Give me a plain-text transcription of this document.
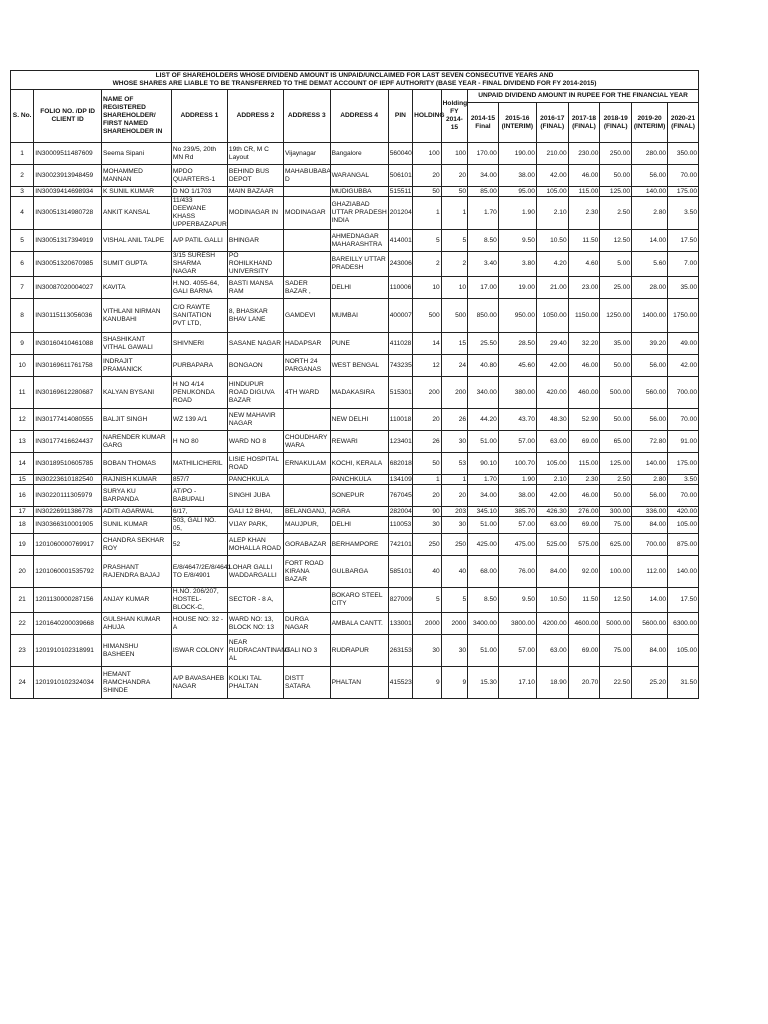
LIST OF SHAREHOLDERS WHOSE DIVIDEND AMOUNT IS UNPAID/UNCLAIMED FOR LAST SEVEN CONSECUTIVE YEARS AND
WHOSE SHARES ARE LIABLE TO BE TRANSFERRED TO THE DEMAT ACCOUNT OF IEPF AUTHORITY (BASE YEAR - FINAL DIVIDEND FOR FY 2014-2015)																
S. No.	FOLIO NO. /DP ID CLIENT ID	NAME OF REGISTERED SHAREHOLDER/ FIRST NAMED SHAREHOLDER IN	ADDRESS 1	ADDRESS 2	ADDRESS 3	ADDRESS 4	PIN	HOLDING	Holding FY 2014-15	UNPAID DIVIDEND AMOUNT IN RUPEE FOR THE FINANCIAL YEAR						
										2014-15 Final	2015-16 (INTERIM)	2016-17 (FINAL)	2017-18 (FINAL)	2018-19 (FINAL)	2019-20 (INTERIM)	2020-21 (FINAL)
1	IN30009511487609	Seema Sipani	No 239/5, 20th MN Rd	19th CR, M C Layout	Vijaynagar	Bangalore	560040	100	100	170.00	190.00	210.00	230.00	250.00	280.00	350.00
2	IN30023913948459	MOHAMMED MANNAN	MPDO QUARTERS-1	BEHIND BUS DEPOT	MAHABUBABA D	WARANGAL	506101	20	20	34.00	38.00	42.00	46.00	50.00	56.00	70.00
3	IN30039414698934	K SUNIL KUMAR	D NO 1/1703	MAIN BAZAAR		MUDIGUBBA	515511	50	50	85.00	95.00	105.00	115.00	125.00	140.00	175.00
4	IN30051314980728	ANKIT KANSAL	11/433 DEEWANE KHASS UPPERBAZAPUR	MODINAGAR IN	MODINAGAR	GHAZIABAD UTTAR PRADESH INDIA	201204	1	1	1.70	1.90	2.10	2.30	2.50	2.80	3.50
5	IN30051317394919	VISHAL ANIL TALPE	A/P PATIL GALLI	BHINGAR		AHMEDNAGAR MAHARASHTRA	414001	5	5	8.50	9.50	10.50	11.50	12.50	14.00	17.50
6	IN30051320670985	SUMIT GUPTA	3/15 SURESH SHARMA NAGAR	PO ROHILKHAND UNIVERSITY		BAREILLY UTTAR PRADESH	243006	2	2	3.40	3.80	4.20	4.60	5.00	5.60	7.00
7	IN30087020004027	KAVITA	H.NO. 4055-64, GALI BARNA	BASTI MANSA RAM	SADER BAZAR ,	DELHI	110006	10	10	17.00	19.00	21.00	23.00	25.00	28.00	35.00
8	IN30115113056036	VITHLANI NIRMAN KANUBAHI	C/O RAWTE SANITATION PVT LTD,	8, BHASKAR BHAV LANE	GAMDEVI	MUMBAI	400007	500	500	850.00	950.00	1050.00	1150.00	1250.00	1400.00	1750.00
9	IN30160410461088	SHASHIKANT VITHAL GAWALI	SHIVNERI	SASANE NAGAR	HADAPSAR	PUNE	411028	14	15	25.50	28.50	29.40	32.20	35.00	39.20	49.00
10	IN30169611761758	INDRAJIT PRAMANICK	PURBAPARA	BONGAON	NORTH 24 PARGANAS	WEST BENGAL	743235	12	24	40.80	45.60	42.00	46.00	50.00	56.00	42.00
11	IN30169612280687	KALYAN BYSANI	H NO 4/14 PENUKONDA ROAD	HINDUPUR ROAD DIGUVA BAZAR	4TH WARD	MADAKASIRA	515301	200	200	340.00	380.00	420.00	460.00	500.00	560.00	700.00
12	IN30177414080555	BALJIT SINGH	WZ 139 A/1	NEW MAHAVIR NAGAR		NEW DELHI	110018	20	26	44.20	43.70	48.30	52.90	50.00	56.00	70.00
13	IN30177416624437	NARENDER KUMAR GARG	H NO 80	WARD NO 8	CHOUDHARY WARA	REWARI	123401	26	30	51.00	57.00	63.00	69.00	65.00	72.80	91.00
14	IN30189510605785	BOBAN THOMAS	MATHILICHERIL	LISIE HOSPITAL ROAD	ERNAKULAM	KOCHI, KERALA	682018	50	53	90.10	100.70	105.00	115.00	125.00	140.00	175.00
15	IN30223610182540	RAJNISH KUMAR	857/7	PANCHKULA		PANCHKULA	134109	1	1	1.70	1.90	2.10	2.30	2.50	2.80	3.50
16	IN30220111305979	SURYA KU BARPANDA	AT/PO - BABUPALI	SINGHI JUBA		SONEPUR	767045	20	20	34.00	38.00	42.00	46.00	50.00	56.00	70.00
17	IN30226911386778	ADITI AGARWAL	6/17,	GALI 12 BHAI,	BELANGANJ,	AGRA	282004	90	203	345.10	385.70	426.30	276.00	300.00	336.00	420.00
18	IN30366310001905	SUNIL KUMAR	503, GALI NO. 05,	VIJAY PARK,	MAUJPUR,	DELHI	110053	30	30	51.00	57.00	63.00	69.00	75.00	84.00	105.00
19	1201060000769917	CHANDRA SEKHAR ROY	52	ALEP KHAN MOHALLA ROAD	GORABAZAR	BERHAMPORE	742101	250	250	425.00	475.00	525.00	575.00	625.00	700.00	875.00
20	1201060001535792	PRASHANT RAJENDRA BAJAJ	E/8/4647/2E/8/4641 TO E/8/4901	LOHAR GALLI WADDARGALLI	FORT ROAD KIRANA BAZAR	GULBARGA	585101	40	40	68.00	76.00	84.00	92.00	100.00	112.00	140.00
21	1201130000287156	ANJAY KUMAR	H.NO. 206/207, HOSTEL-BLOCK-C,	SECTOR - 8 A,		BOKARO STEEL CITY	827009	5	5	8.50	9.50	10.50	11.50	12.50	14.00	17.50
22	1201640200039668	GULSHAN KUMAR AHUJA	HOUSE NO: 32 - A	WARD NO: 13, BLOCK NO: 13	DURGA NAGAR	AMBALA CANTT.	133001	2000	2000	3400.00	3800.00	4200.00	4600.00	5000.00	5600.00	6300.00
23	1201910102318991	HIMANSHU BASHEEN	ISWAR COLONY	NEAR RUDRACANTINANT AL	GALI NO 3	RUDRAPUR	263153	30	30	51.00	57.00	63.00	69.00	75.00	84.00	105.00
24	1201910102324034	HEMANT RAMCHANDRA SHINDE	A/P BAVASAHEB NAGAR	KOLKI TAL PHALTAN	DISTT SATARA	PHALTAN	415523	9	9	15.30	17.10	18.90	20.70	22.50	25.20	31.50
